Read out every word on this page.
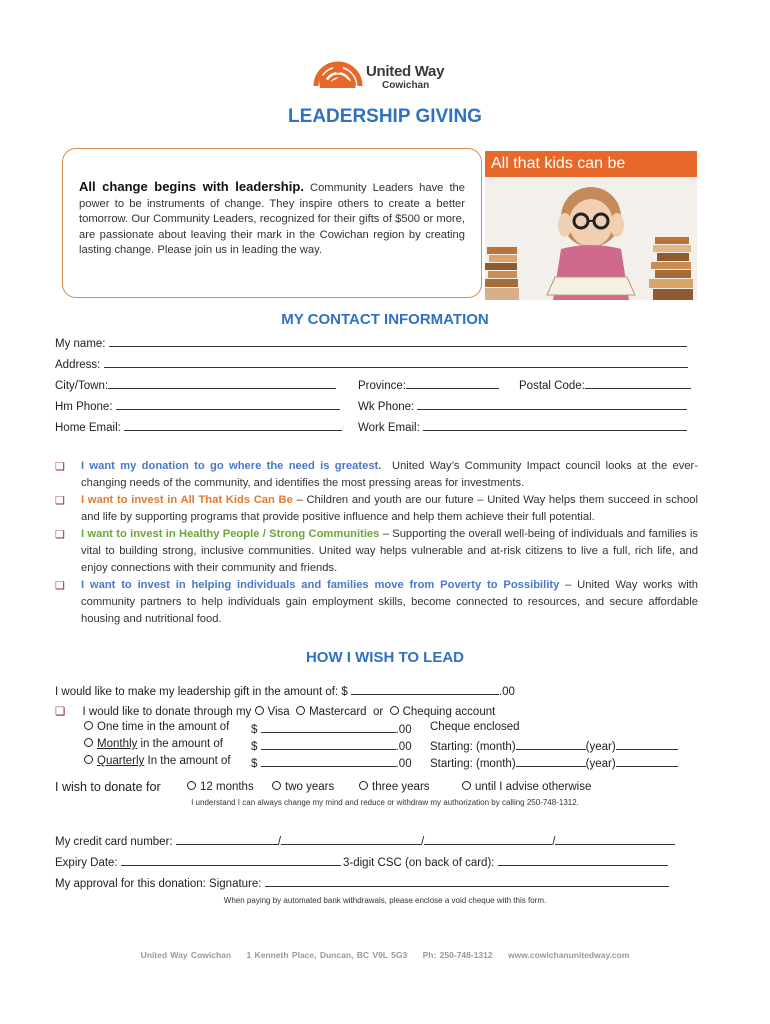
United Way
Cowichan
LEADERSHIP GIVING
All change begins with leadership. Community Leaders have the power to be instruments of change. They inspire others to create a better tomorrow. Our Community Leaders, recognized for their gifts of $500 or more, are passionate about leaving their mark in the Cowichan region by creating lasting change. Please join us in leading the way.
All that kids can be
MY CONTACT INFORMATION
My name:
Address:
City/Town:	Province:	Postal Code:
Hm Phone:	Wk Phone:
Home Email:	Work Email:
❏ I want my donation to go where the need is greatest. United Way’s Community Impact council looks at the ever-changing needs of the community, and identifies the most pressing areas for investments.
❏ I want to invest in All That Kids Can Be – Children and youth are our future – United Way helps them succeed in school and life by supporting programs that provide positive influence and help them achieve their full potential.
❏ I want to invest in Healthy People / Strong Communities – Supporting the overall well-being of individuals and families is vital to building strong, inclusive communities. United way helps vulnerable and at-risk citizens to live a full, rich life, and enjoy connections with their community and friends.
❏ I want to invest in helping individuals and families move from Poverty to Possibility – United Way works with community partners to help individuals gain employment skills, become connected to resources, and secure affordable housing and nutritional food.
HOW I WISH TO LEAD
I would like to make my leadership gift in the amount of: $	.00
❏ I would like to donate through my Visa Mastercard or Chequing account
One time in the amount of $	.00 Cheque enclosed
Monthly in the amount of $	.00 Starting: (month)	(year)
Quarterly In the amount of $	.00 Starting: (month)	(year)
I wish to donate for	12 months	two years	three years	until I advise otherwise
I understand I can always change my mind and reduce or withdraw my authorization by calling 250-748-1312.
My credit card number:	/	/	/
Expiry Date:	3-digit CSC (on back of card):
My approval for this donation: Signature:
When paying by automated bank withdrawals, please enclose a void cheque with this form.
United Way Cowichan 1 Kenneth Place, Duncan, BC V9L 5G3 Ph: 250-748-1312 www.cowichanunitedway.com
